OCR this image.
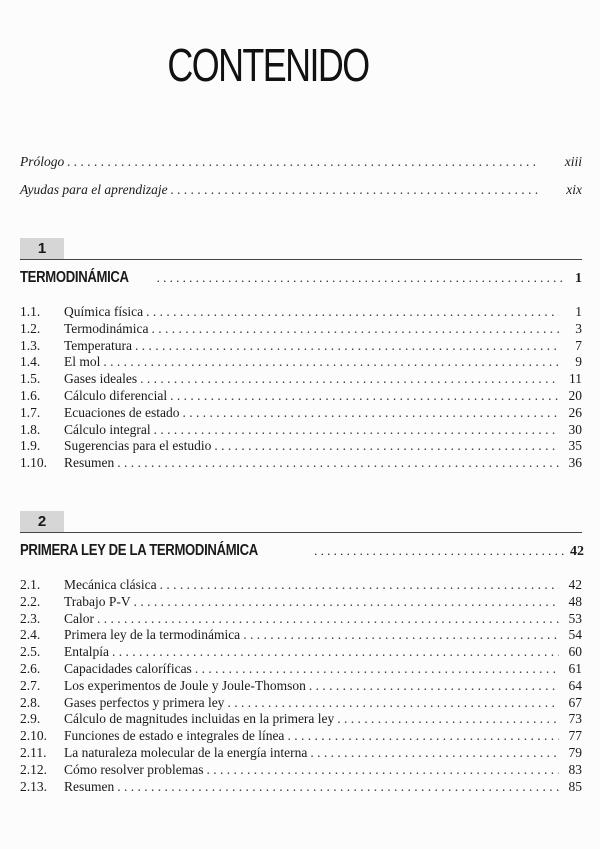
CONTENIDO
Prólogo . . .	xiii
Ayudas para el aprendizaje . . .	xix
1
TERMODINÁMICA . . .	1
1.1.	Química física . . .	1
1.2.	Termodinámica . . .	3
1.3.	Temperatura . . .	7
1.4.	El mol . . .	9
1.5.	Gases ideales . . .	11
1.6.	Cálculo diferencial . . .	20
1.7.	Ecuaciones de estado . . .	26
1.8.	Cálculo integral . . .	30
1.9.	Sugerencias para el estudio . . .	35
1.10.	Resumen . . .	36
2
PRIMERA LEY DE LA TERMODINÁMICA . . .	42
2.1.	Mecánica clásica . . .	42
2.2.	Trabajo P-V . . .	48
2.3.	Calor . . .	53
2.4.	Primera ley de la termodinámica . . .	54
2.5.	Entalpía . . .	60
2.6.	Capacidades caloríficas . . .	61
2.7.	Los experimentos de Joule y Joule-Thomson . . .	64
2.8.	Gases perfectos y primera ley . . .	67
2.9.	Cálculo de magnitudes incluidas en la primera ley . . .	73
2.10.	Funciones de estado e integrales de línea . . .	77
2.11.	La naturaleza molecular de la energía interna . . .	79
2.12.	Cómo resolver problemas . . .	83
2.13.	Resumen . . .	85
